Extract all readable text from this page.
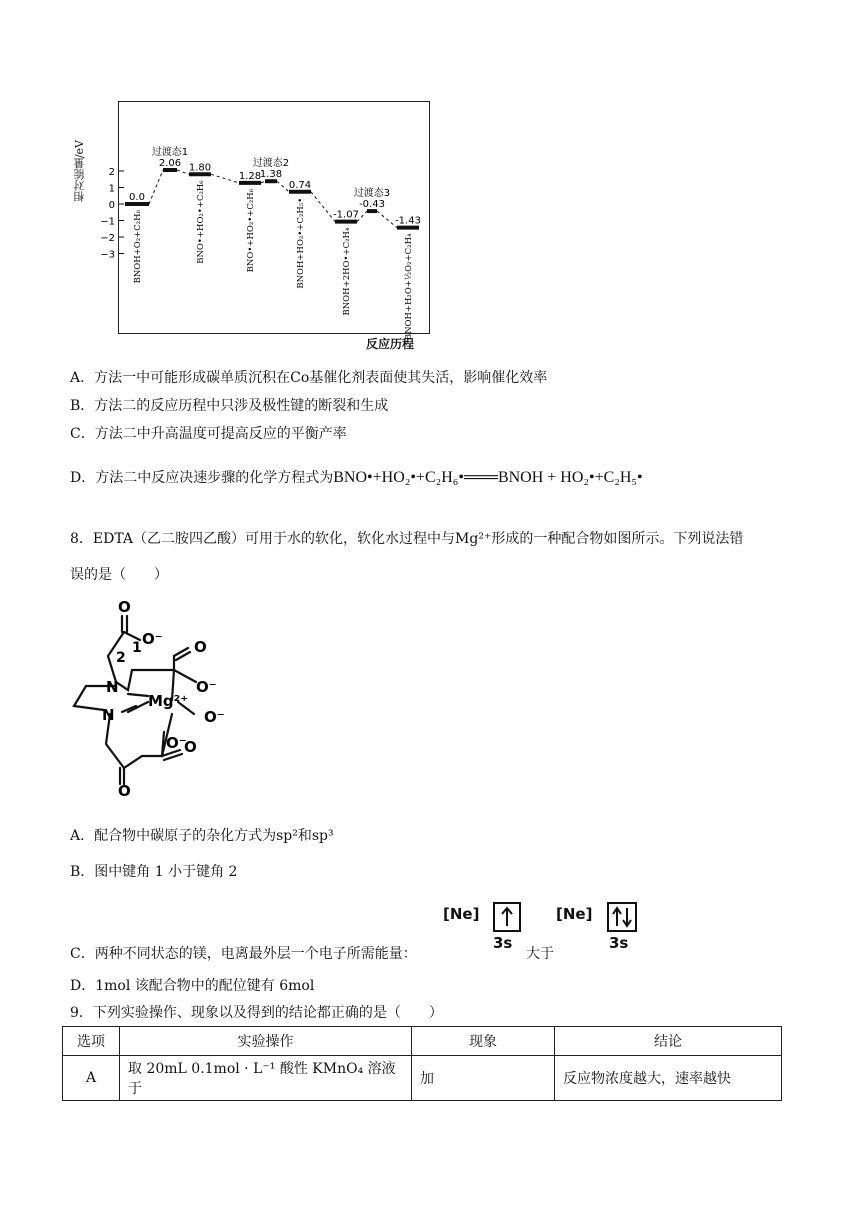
相对能量/eV	2
1
0
−1
−2
−3
0.0
BNOH+O₂+C₂H₆
2.06
过渡态1
1.80
BNO•+HO₂•+C₂H₆
1.28
BNO•+HO₂•+C₂H₆
1.38
过渡态2
0.74
BNOH+HO₂•+C₂H₅•	-1.07
BNOH+2HO•+C₂H₄
-0.43
过渡态3
-1.43
BNOH+H₂O+½O₂+C₂H₄
反应历程
A．方法一中可能形成碳单质沉积在Co基催化剂表面使其失活，影响催化效率
B．方法二的反应历程中只涉及极性键的断裂和生成
C．方法二中升高温度可提高反应的平衡产率
D．方法二中反应决速步骤的化学方程式为BNO•+HO₂•+C₂H₆•═══BNOH + HO₂•+C₂H₅•
8．EDTA（乙二胺四乙酸）可用于水的软化，软化水过程中与Mg²⁺形成的一种配合物如图所示。下列说法错
误的是（　　）
O
O⁻ O
O⁻
N
N
Mg²⁺
O⁻
O⁻
O
O
1
2
A．配合物中碳原子的杂化方式为sp²和sp³
B．图中键角 1 小于键角 2
[Ne]
3s
[Ne]
3s
C．两种不同状态的镁，电离最外层一个电子所需能量：	大于
D．1mol 该配合物中的配位键有 6mol
9．下列实验操作、现象以及得到的结论都正确的是（　　）
选项	实验操作	现象	结论
A	取 20mL 0.1mol · L⁻¹ 酸性 KMnO₄ 溶液于	加	反应物浓度越大，速率越快
